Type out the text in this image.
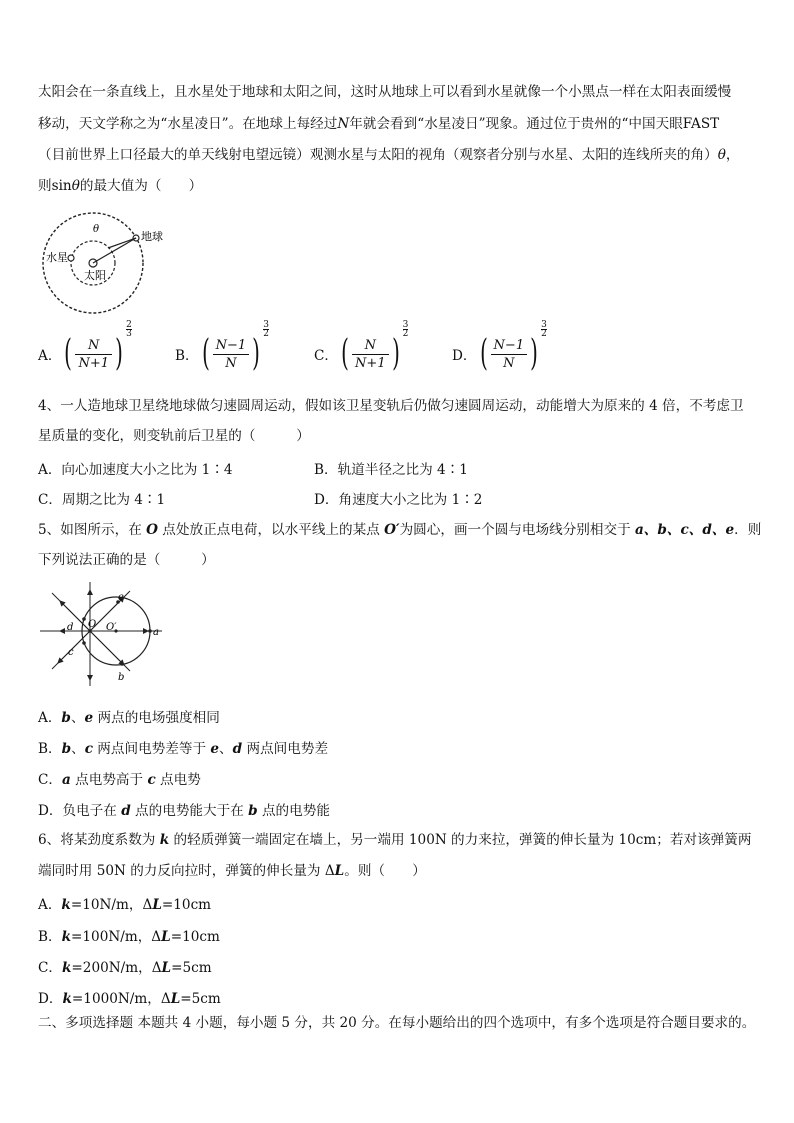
太阳会在一条直线上，且水星处于地球和太阳之间，这时从地球上可以看到水星就像一个小黑点一样在太阳表面缓慢
移动，天文学称之为“水星凌日”。在地球上每经过N年就会看到“水星凌日”现象。通过位于贵州的“中国天眼FAST
（目前世界上口径最大的单天线射电望远镜）观测水星与太阳的视角（观察者分别与水星、太阳的连线所夹的角）θ，
则sinθ的最大值为（　　）
θ
地球
水星
太阳
A．( $\frac{N}{N+1}$ )
$\frac{2}{3}$
B．( $\frac{N-1}{N}$ )
$\frac{3}{2}$
C．( $\frac{N}{N+1}$ )
$\frac{3}{2}$
D．( $\frac{N-1}{N}$ )
$\frac{3}{2}$
4、一人造地球卫星绕地球做匀速圆周运动，假如该卫星变轨后仍做匀速圆周运动，动能增大为原来的 4 倍，不考虑卫
星质量的变化，则变轨前后卫星的（　　　）
A．向心加速度大小之比为 1∶4	B．轨道半径之比为 4∶1
C．周期之比为 4∶1	D．角速度大小之比为 1∶2
5、如图所示，在 O 点处放正点电荷，以水平线上的某点 O′为圆心，画一个圆与电场线分别相交于 a、b、c、d、e．则
下列说法正确的是（　　　）
a
b
c
d
e
O O′
A．b、e 两点的电场强度相同
B．b、c 两点间电势差等于 e、d 两点间电势差
C．a 点电势高于 c 点电势
D．负电子在 d 点的电势能大于在 b 点的电势能
6、将某劲度系数为 k 的轻质弹簧一端固定在墙上，另一端用 100N 的力来拉，弹簧的伸长量为 10cm；若对该弹簧两
端同时用 50N 的力反向拉时，弹簧的伸长量为 ΔL。则（　　）
A．k=10N/m，ΔL=10cm
B．k=100N/m，ΔL=10cm
C．k=200N/m，ΔL=5cm
D．k=1000N/m，ΔL=5cm
二、多项选择题 本题共 4 小题，每小题 5 分，共 20 分。在每小题给出的四个选项中，有多个选项是符合题目要求的。
